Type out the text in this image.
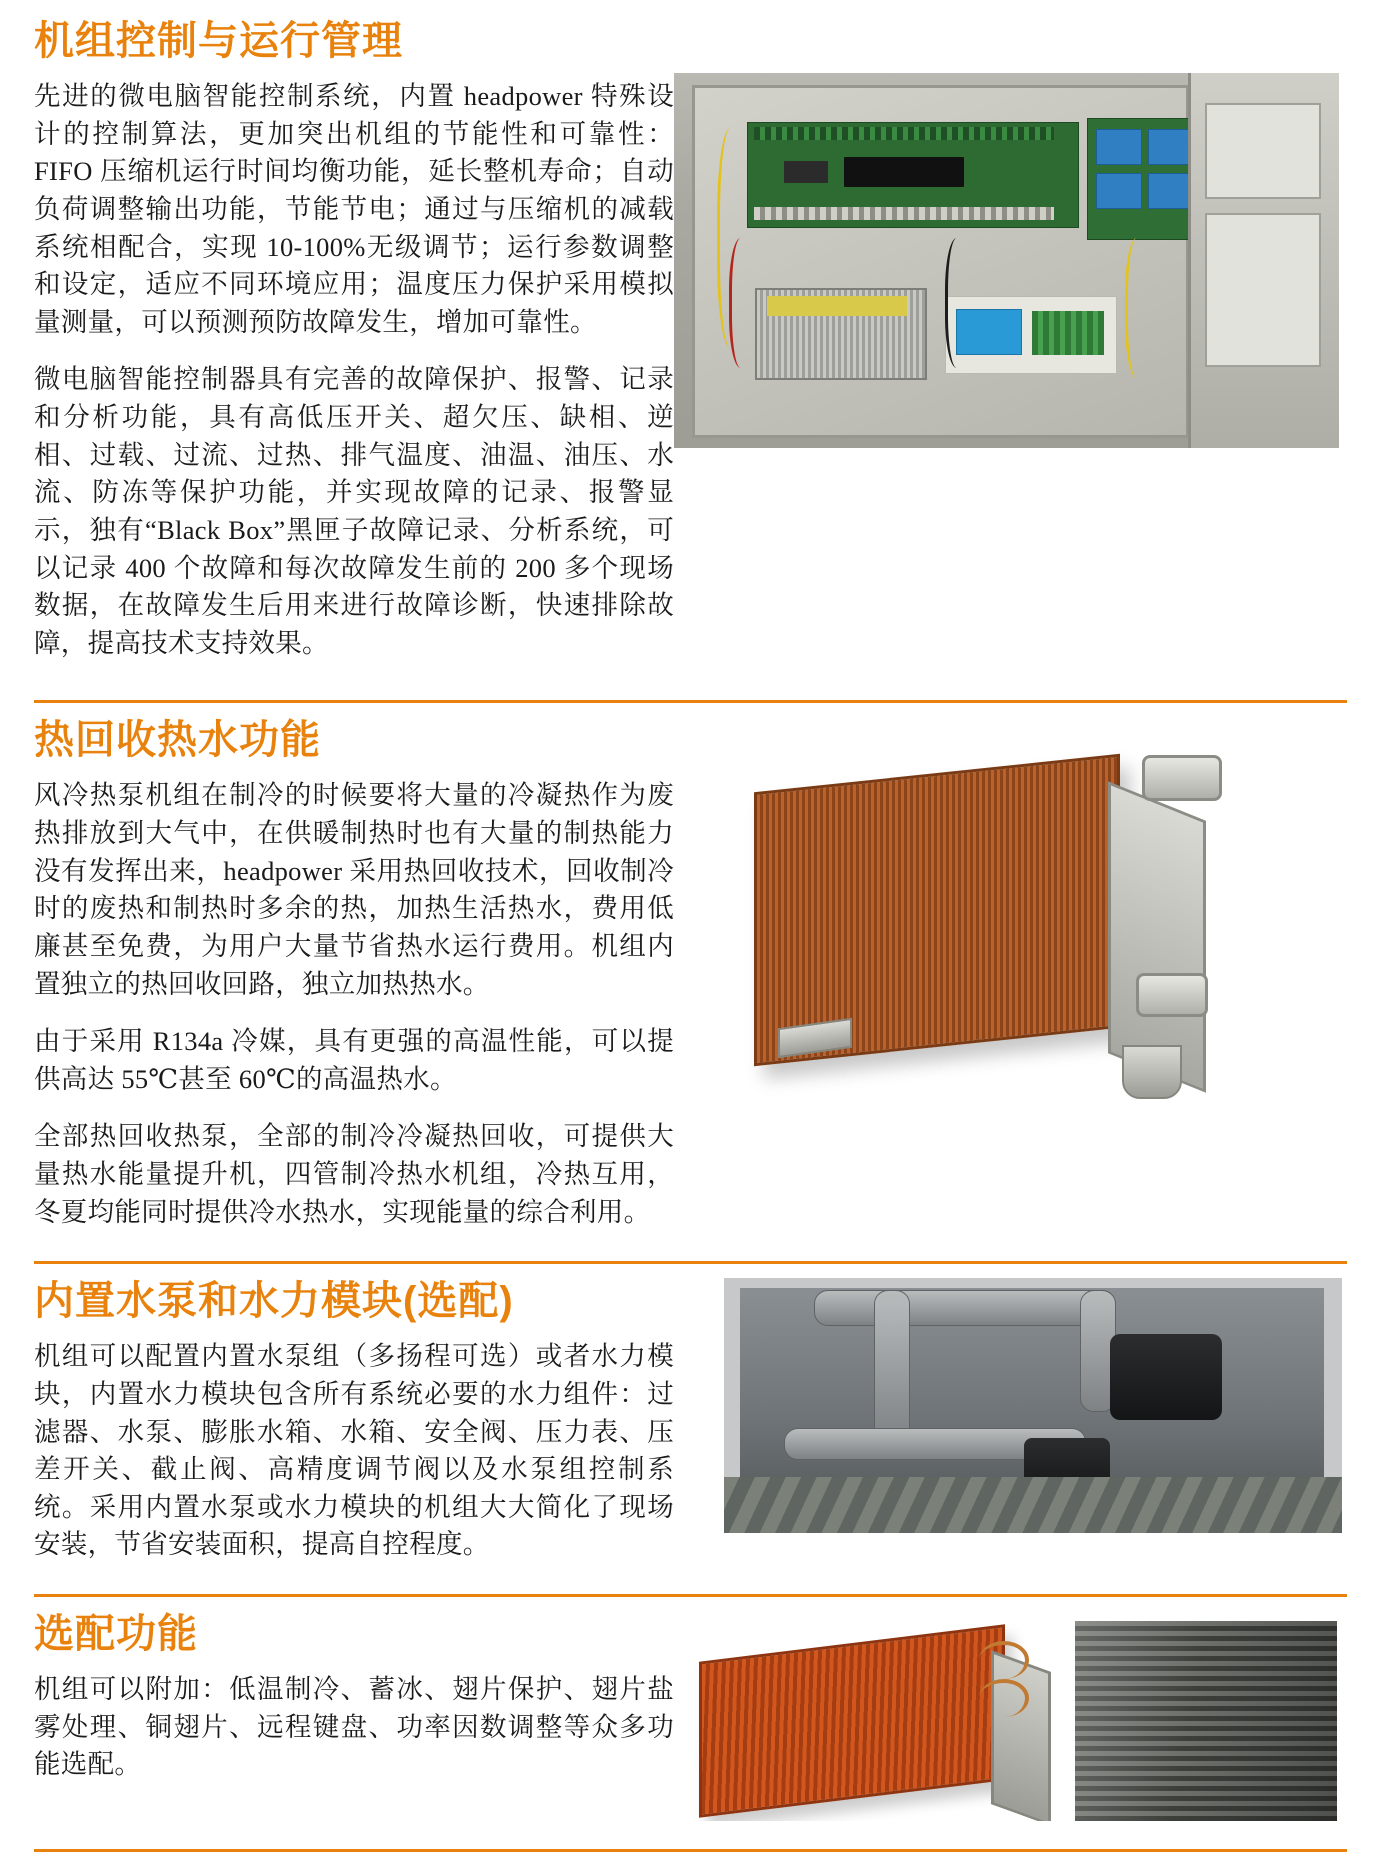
机组控制与运行管理

先进的微电脑智能控制系统，内置 headpower 特殊设计的控制算法，更加突出机组的节能性和可靠性：FIFO 压缩机运行时间均衡功能，延长整机寿命；自动负荷调整输出功能，节能节电；通过与压缩机的减载系统相配合，实现 10-100%无级调节；运行参数调整和设定，适应不同环境应用；温度压力保护采用模拟量测量，可以预测预防故障发生，增加可靠性。

微电脑智能控制器具有完善的故障保护、报警、记录和分析功能，具有高低压开关、超欠压、缺相、逆相、过载、过流、过热、排气温度、油温、油压、水流、防冻等保护功能，并实现故障的记录、报警显示，独有“Black Box”黑匣子故障记录、分析系统，可以记录 400 个故障和每次故障发生前的 200 多个现场数据，在故障发生后用来进行故障诊断，快速排除故障，提高技术支持效果。

热回收热水功能

风冷热泵机组在制冷的时候要将大量的冷凝热作为废热排放到大气中，在供暖制热时也有大量的制热能力没有发挥出来，headpower 采用热回收技术，回收制冷时的废热和制热时多余的热，加热生活热水，费用低廉甚至免费，为用户大量节省热水运行费用。机组内置独立的热回收回路，独立加热热水。

由于采用 R134a 冷媒，具有更强的高温性能，可以提供高达 55℃甚至 60℃的高温热水。

全部热回收热泵，全部的制冷冷凝热回收，可提供大量热水能量提升机，四管制冷热水机组，冷热互用，冬夏均能同时提供冷水热水，实现能量的综合利用。

内置水泵和水力模块(选配)

机组可以配置内置水泵组（多扬程可选）或者水力模块，内置水力模块包含所有系统必要的水力组件：过滤器、水泵、膨胀水箱、水箱、安全阀、压力表、压差开关、截止阀、高精度调节阀以及水泵组控制系统。采用内置水泵或水力模块的机组大大简化了现场安装，节省安装面积，提高自控程度。

选配功能

机组可以附加：低温制冷、蓄冰、翅片保护、翅片盐雾处理、铜翅片、远程键盘、功率因数调整等众多功能选配。
